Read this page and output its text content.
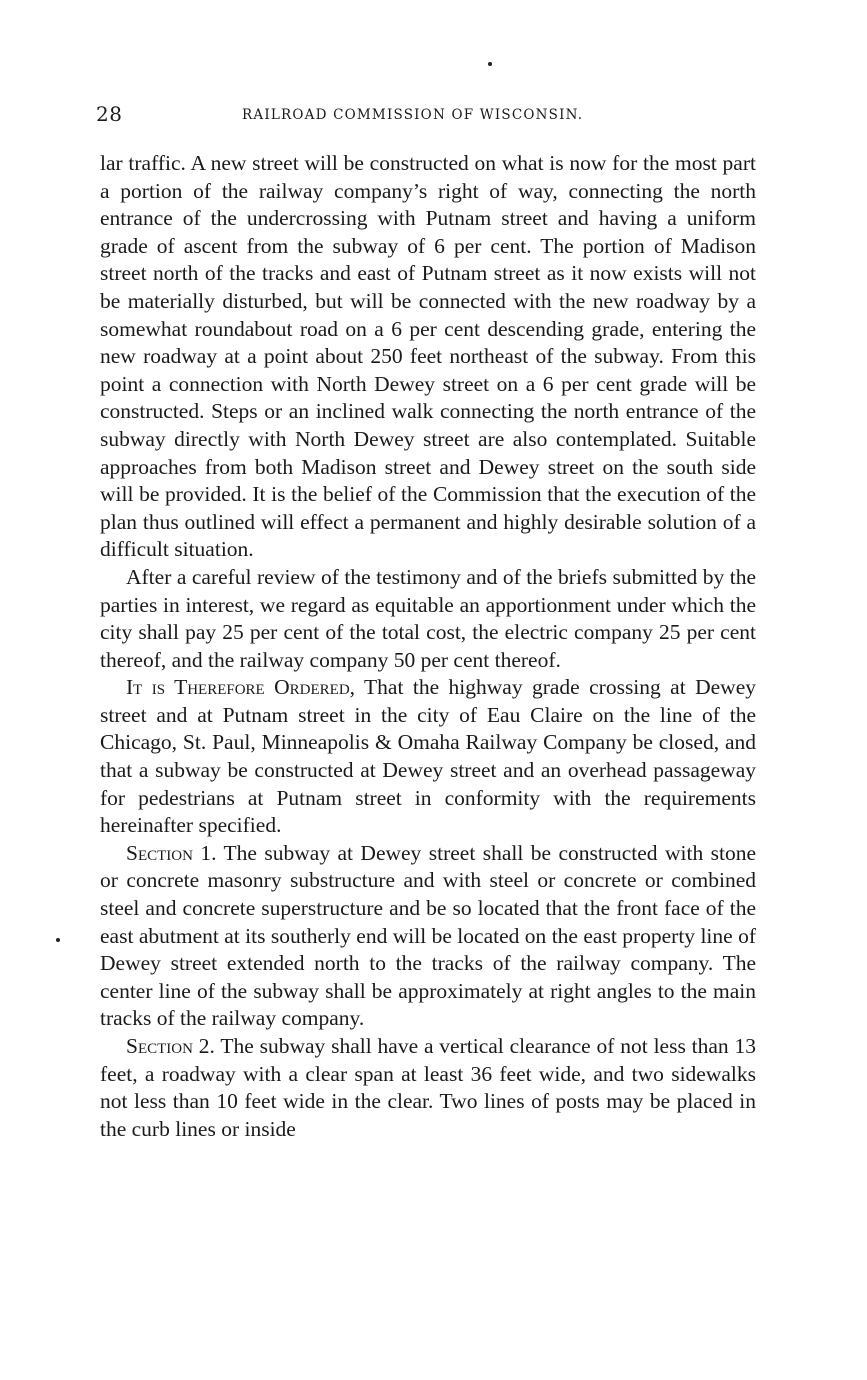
28	RAILROAD COMMISSION OF WISCONSIN.

lar traffic. A new street will be constructed on what is now for the most part a portion of the railway company’s right of way, connecting the north entrance of the undercrossing with Putnam street and having a uniform grade of ascent from the subway of 6 per cent. The portion of Madison street north of the tracks and east of Putnam street as it now exists will not be materially disturbed, but will be connected with the new roadway by a somewhat roundabout road on a 6 per cent descending grade, entering the new roadway at a point about 250 feet northeast of the subway. From this point a connection with North Dewey street on a 6 per cent grade will be constructed. Steps or an inclined walk connecting the north entrance of the subway directly with North Dewey street are also contemplated. Suitable approaches from both Madison street and Dewey street on the south side will be provided. It is the belief of the Commission that the execution of the plan thus outlined will effect a permanent and highly desirable solution of a difficult situation.

After a careful review of the testimony and of the briefs submitted by the parties in interest, we regard as equitable an apportionment under which the city shall pay 25 per cent of the total cost, the electric company 25 per cent thereof, and the railway company 50 per cent thereof.

It is Therefore Ordered, That the highway grade crossing at Dewey street and at Putnam street in the city of Eau Claire on the line of the Chicago, St. Paul, Minneapolis & Omaha Railway Company be closed, and that a subway be constructed at Dewey street and an overhead passageway for pedestrians at Putnam street in conformity with the requirements hereinafter specified.

Section 1. The subway at Dewey street shall be constructed with stone or concrete masonry substructure and with steel or concrete or combined steel and concrete superstructure and be so located that the front face of the east abutment at its southerly end will be located on the east property line of Dewey street extended north to the tracks of the railway company. The center line of the subway shall be approximately at right angles to the main tracks of the railway company.

Section 2. The subway shall have a vertical clearance of not less than 13 feet, a roadway with a clear span at least 36 feet wide, and two sidewalks not less than 10 feet wide in the clear. Two lines of posts may be placed in the curb lines or inside
